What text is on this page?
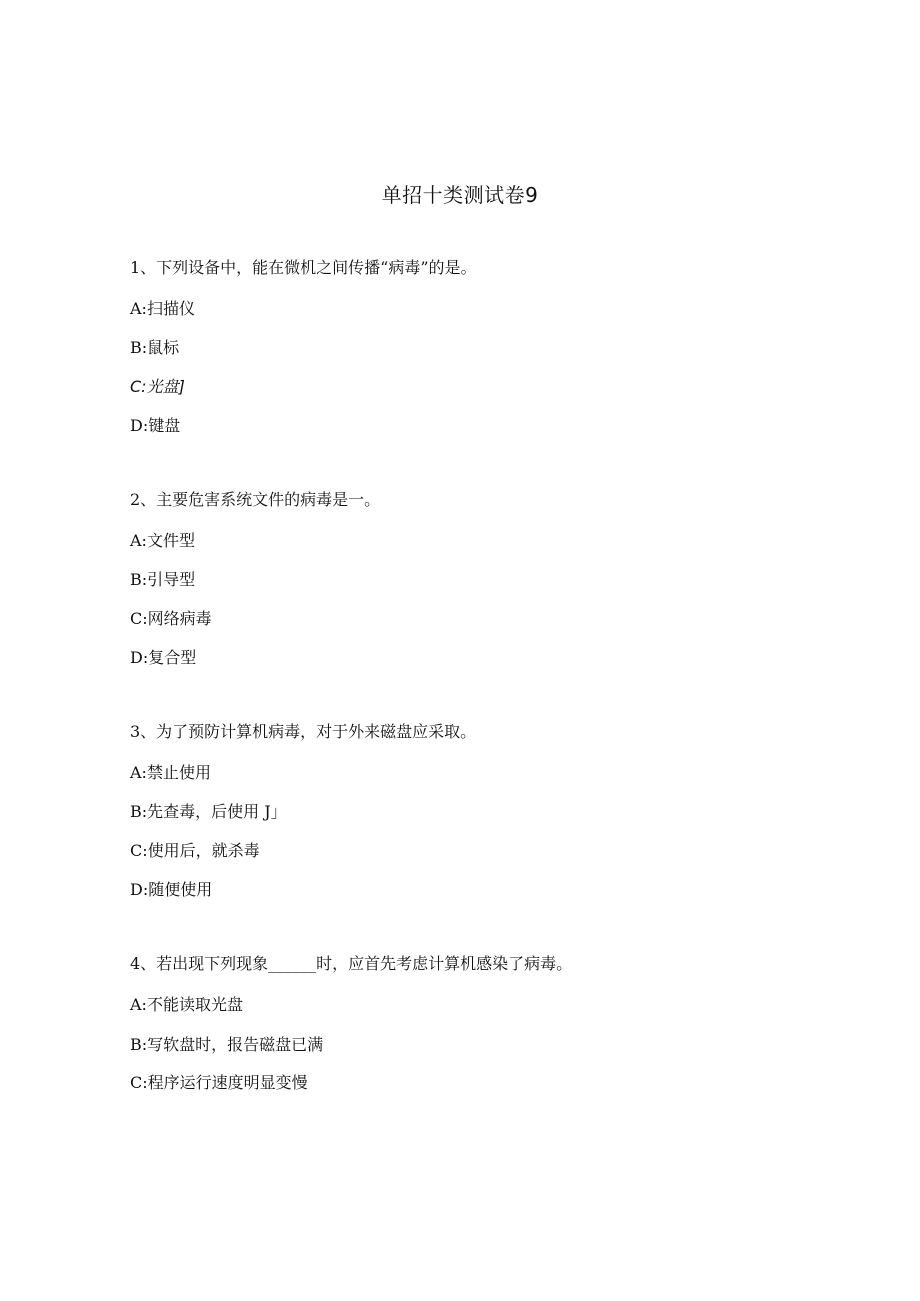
单招十类测试卷9

1、下列设备中，能在微机之间传播“病毒”的是。

A:扫描仪

B:鼠标

C:光盘]

D:键盘

2、主要危害系统文件的病毒是一。

A:文件型

B:引导型

C:网络病毒

D:复合型

3、为了预防计算机病毒，对于外来磁盘应采取。

A:禁止使用

B:先查毒，后使用 J」

C:使用后，就杀毒

D:随便使用

4、若出现下列现象______时，应首先考虑计算机感染了病毒。

A:不能读取光盘

B:写软盘时，报告磁盘已满

C:程序运行速度明显变慢
